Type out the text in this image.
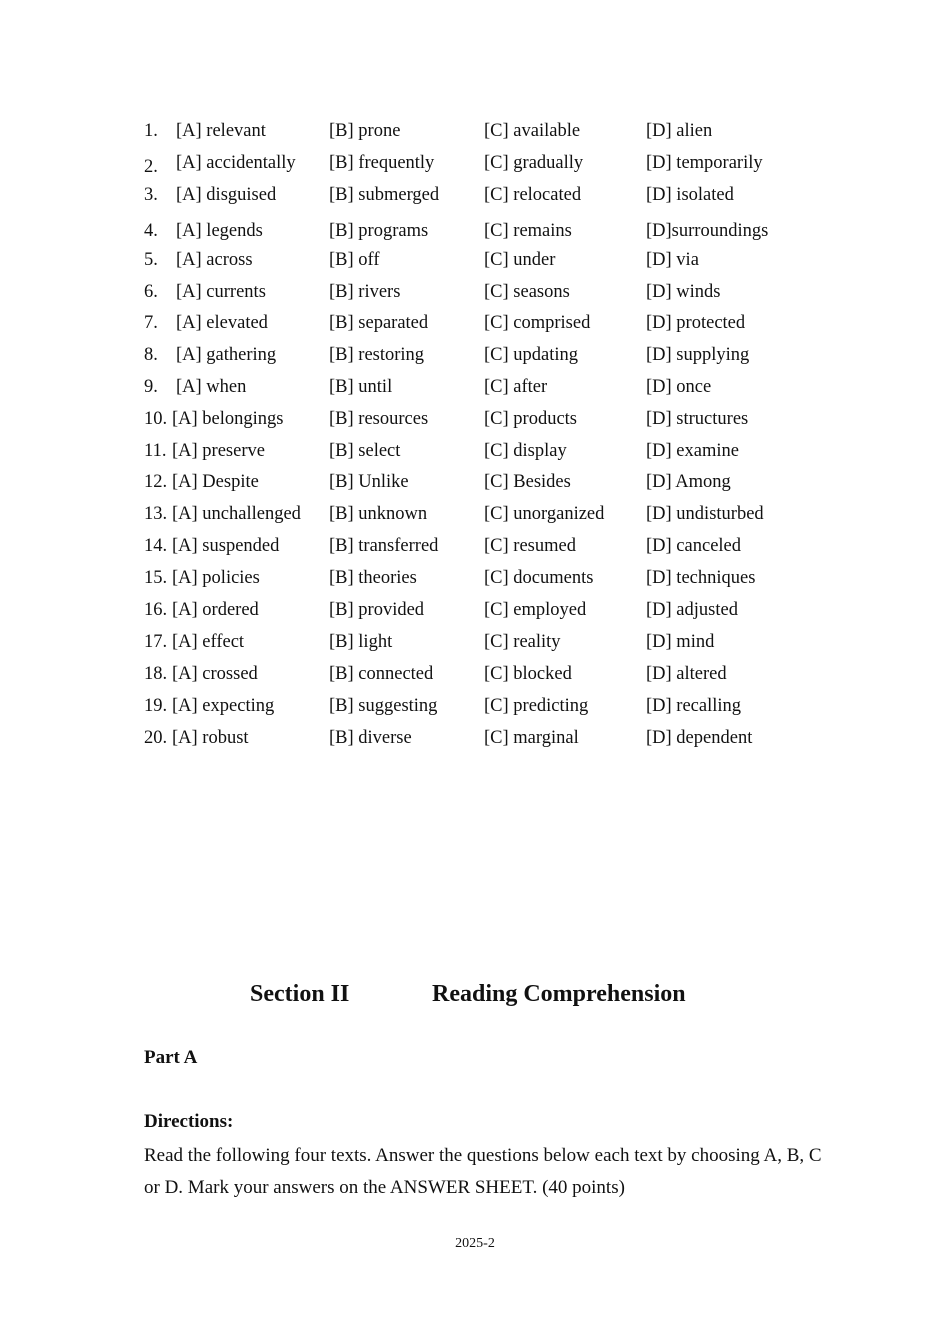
1. [A] relevant	[B] prone	[C] available	[D] alien
2. [A] accidentally [B] frequently	[C] gradually	[D] temporarily
3. [A] disguised	[B] submerged [C] relocated	[D] isolated
4. [A] legends	[B] programs	[C] remains	[D]surroundings
5. [A] across	[B] off	[C] under	[D] via
6. [A] currents	[B] rivers	[C] seasons	[D] winds
7. [A] elevated	[B] separated	[C] comprised	[D] protected
8. [A] gathering	[B] restoring	[C] updating	[D] supplying
9. [A] when	[B] until	[C] after	[D] once
10. [A] belongings [B] resources	[C] products	[D] structures
11. [A] preserve	[B] select	[C] display	[D] examine
12. [A] Despite	[B] Unlike	[C] Besides	[D] Among
13. [A] unchallenged [B] unknown	[C] unorganized [D] undisturbed
14. [A] suspended	[B] transferred [C] resumed	[D] canceled
15. [A] policies	[B] theories	[C] documents	[D] techniques
16. [A] ordered	[B] provided	[C] employed	[D] adjusted
17. [A] effect	[B] light	[C] reality	[D] mind
18. [A] crossed	[B] connected	[C] blocked	[D] altered
19. [A] expecting	[B] suggesting	[C] predicting	[D] recalling
20. [A] robust	[B] diverse	[C] marginal	[D] dependent
Section II	Reading Comprehension
Part A
Directions:
Read the following four texts. Answer the questions below each text by choosing A, B, C or D. Mark your answers on the ANSWER SHEET. (40 points)
2025-2
